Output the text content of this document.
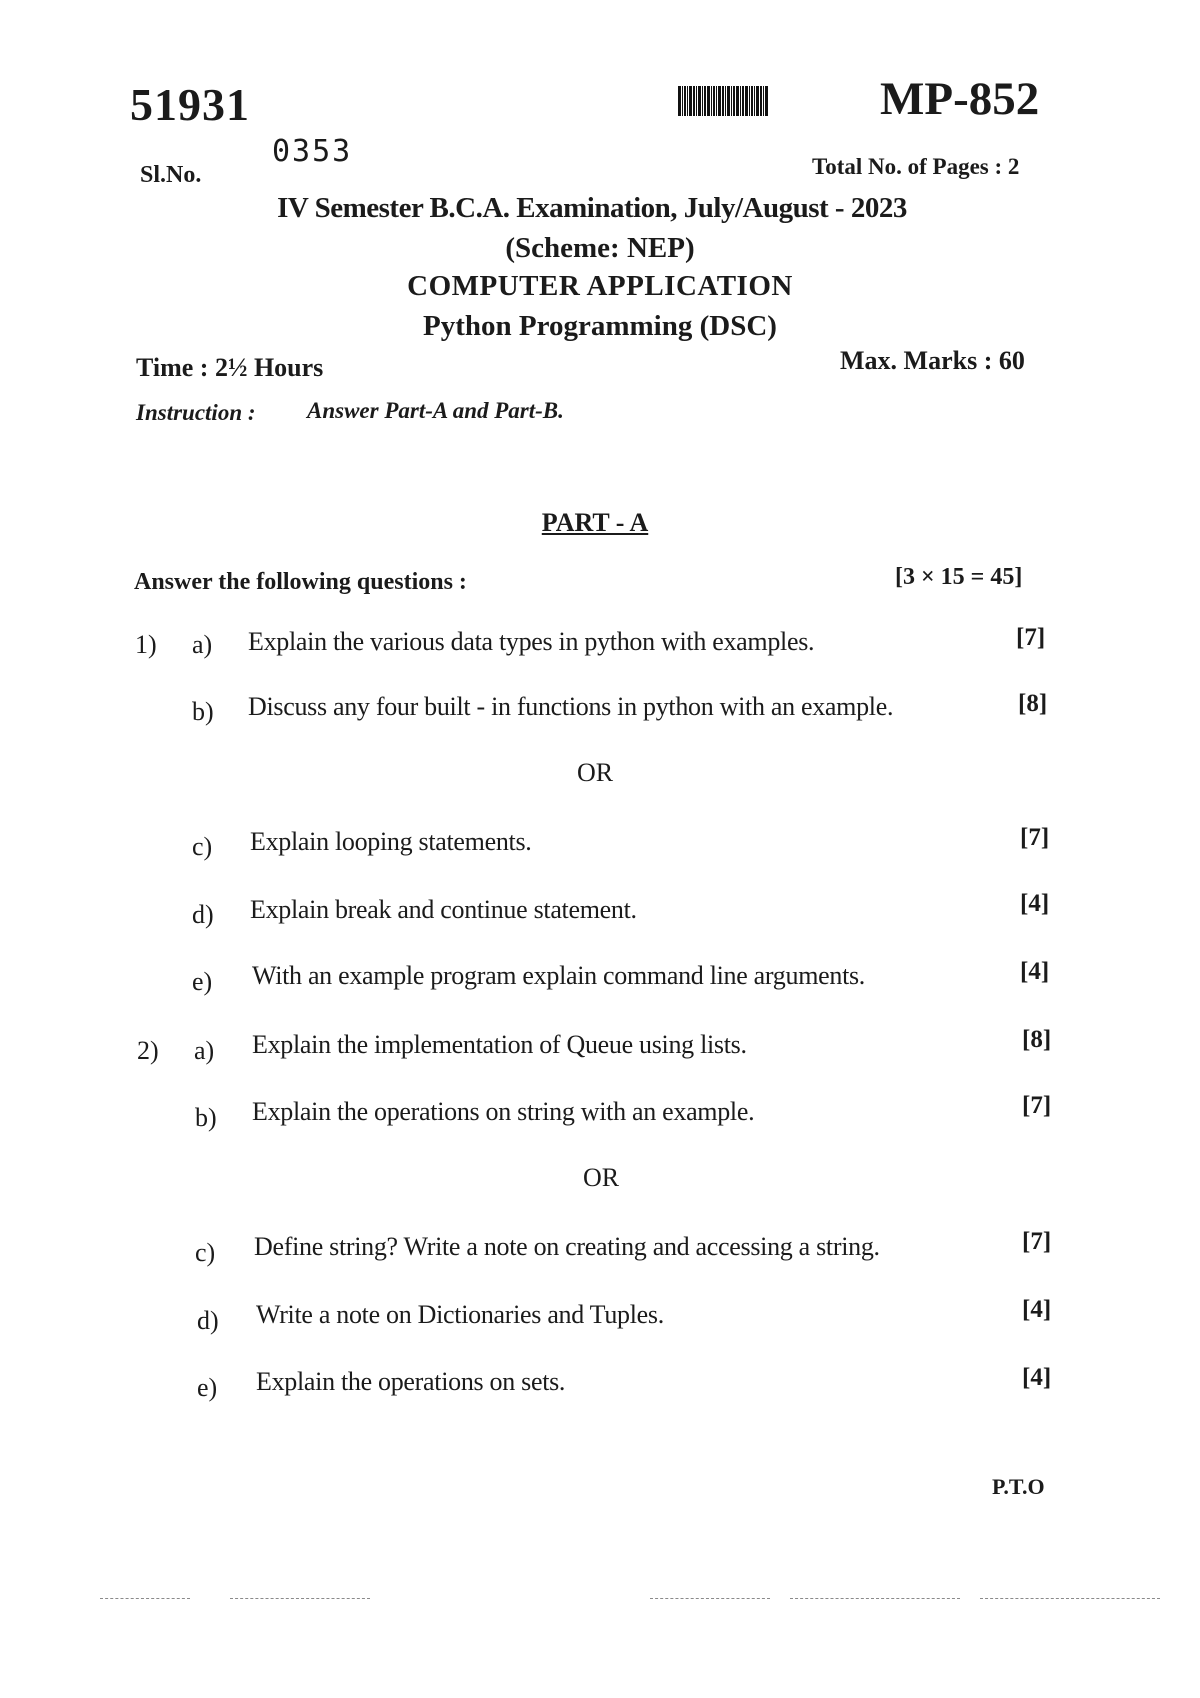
51931	MP-852
Sl.No.
0353	Total No. of Pages : 2
IV Semester B.C.A. Examination, July/August - 2023
(Scheme: NEP)
COMPUTER APPLICATION
Python Programming (DSC)
Time : 2½ Hours	Max. Marks : 60
Instruction : Answer Part-A and Part-B.
PART - A
Answer the following questions :	[3 × 15 = 45]
1) a) Explain the various data types in python with examples.	[7]
b) Discuss any four built - in functions in python with an example.	[8]
OR
c) Explain looping statements.	[7]
d) Explain break and continue statement.	[4]
e) With an example program explain command line arguments.	[4]
2) a) Explain the implementation of Queue using lists.	[8]
b) Explain the operations on string with an example.	[7]
OR
c) Define string? Write a note on creating and accessing a string.	[7]
d) Write a note on Dictionaries and Tuples.	[4]
e) Explain the operations on sets.	[4]
P.T.O
